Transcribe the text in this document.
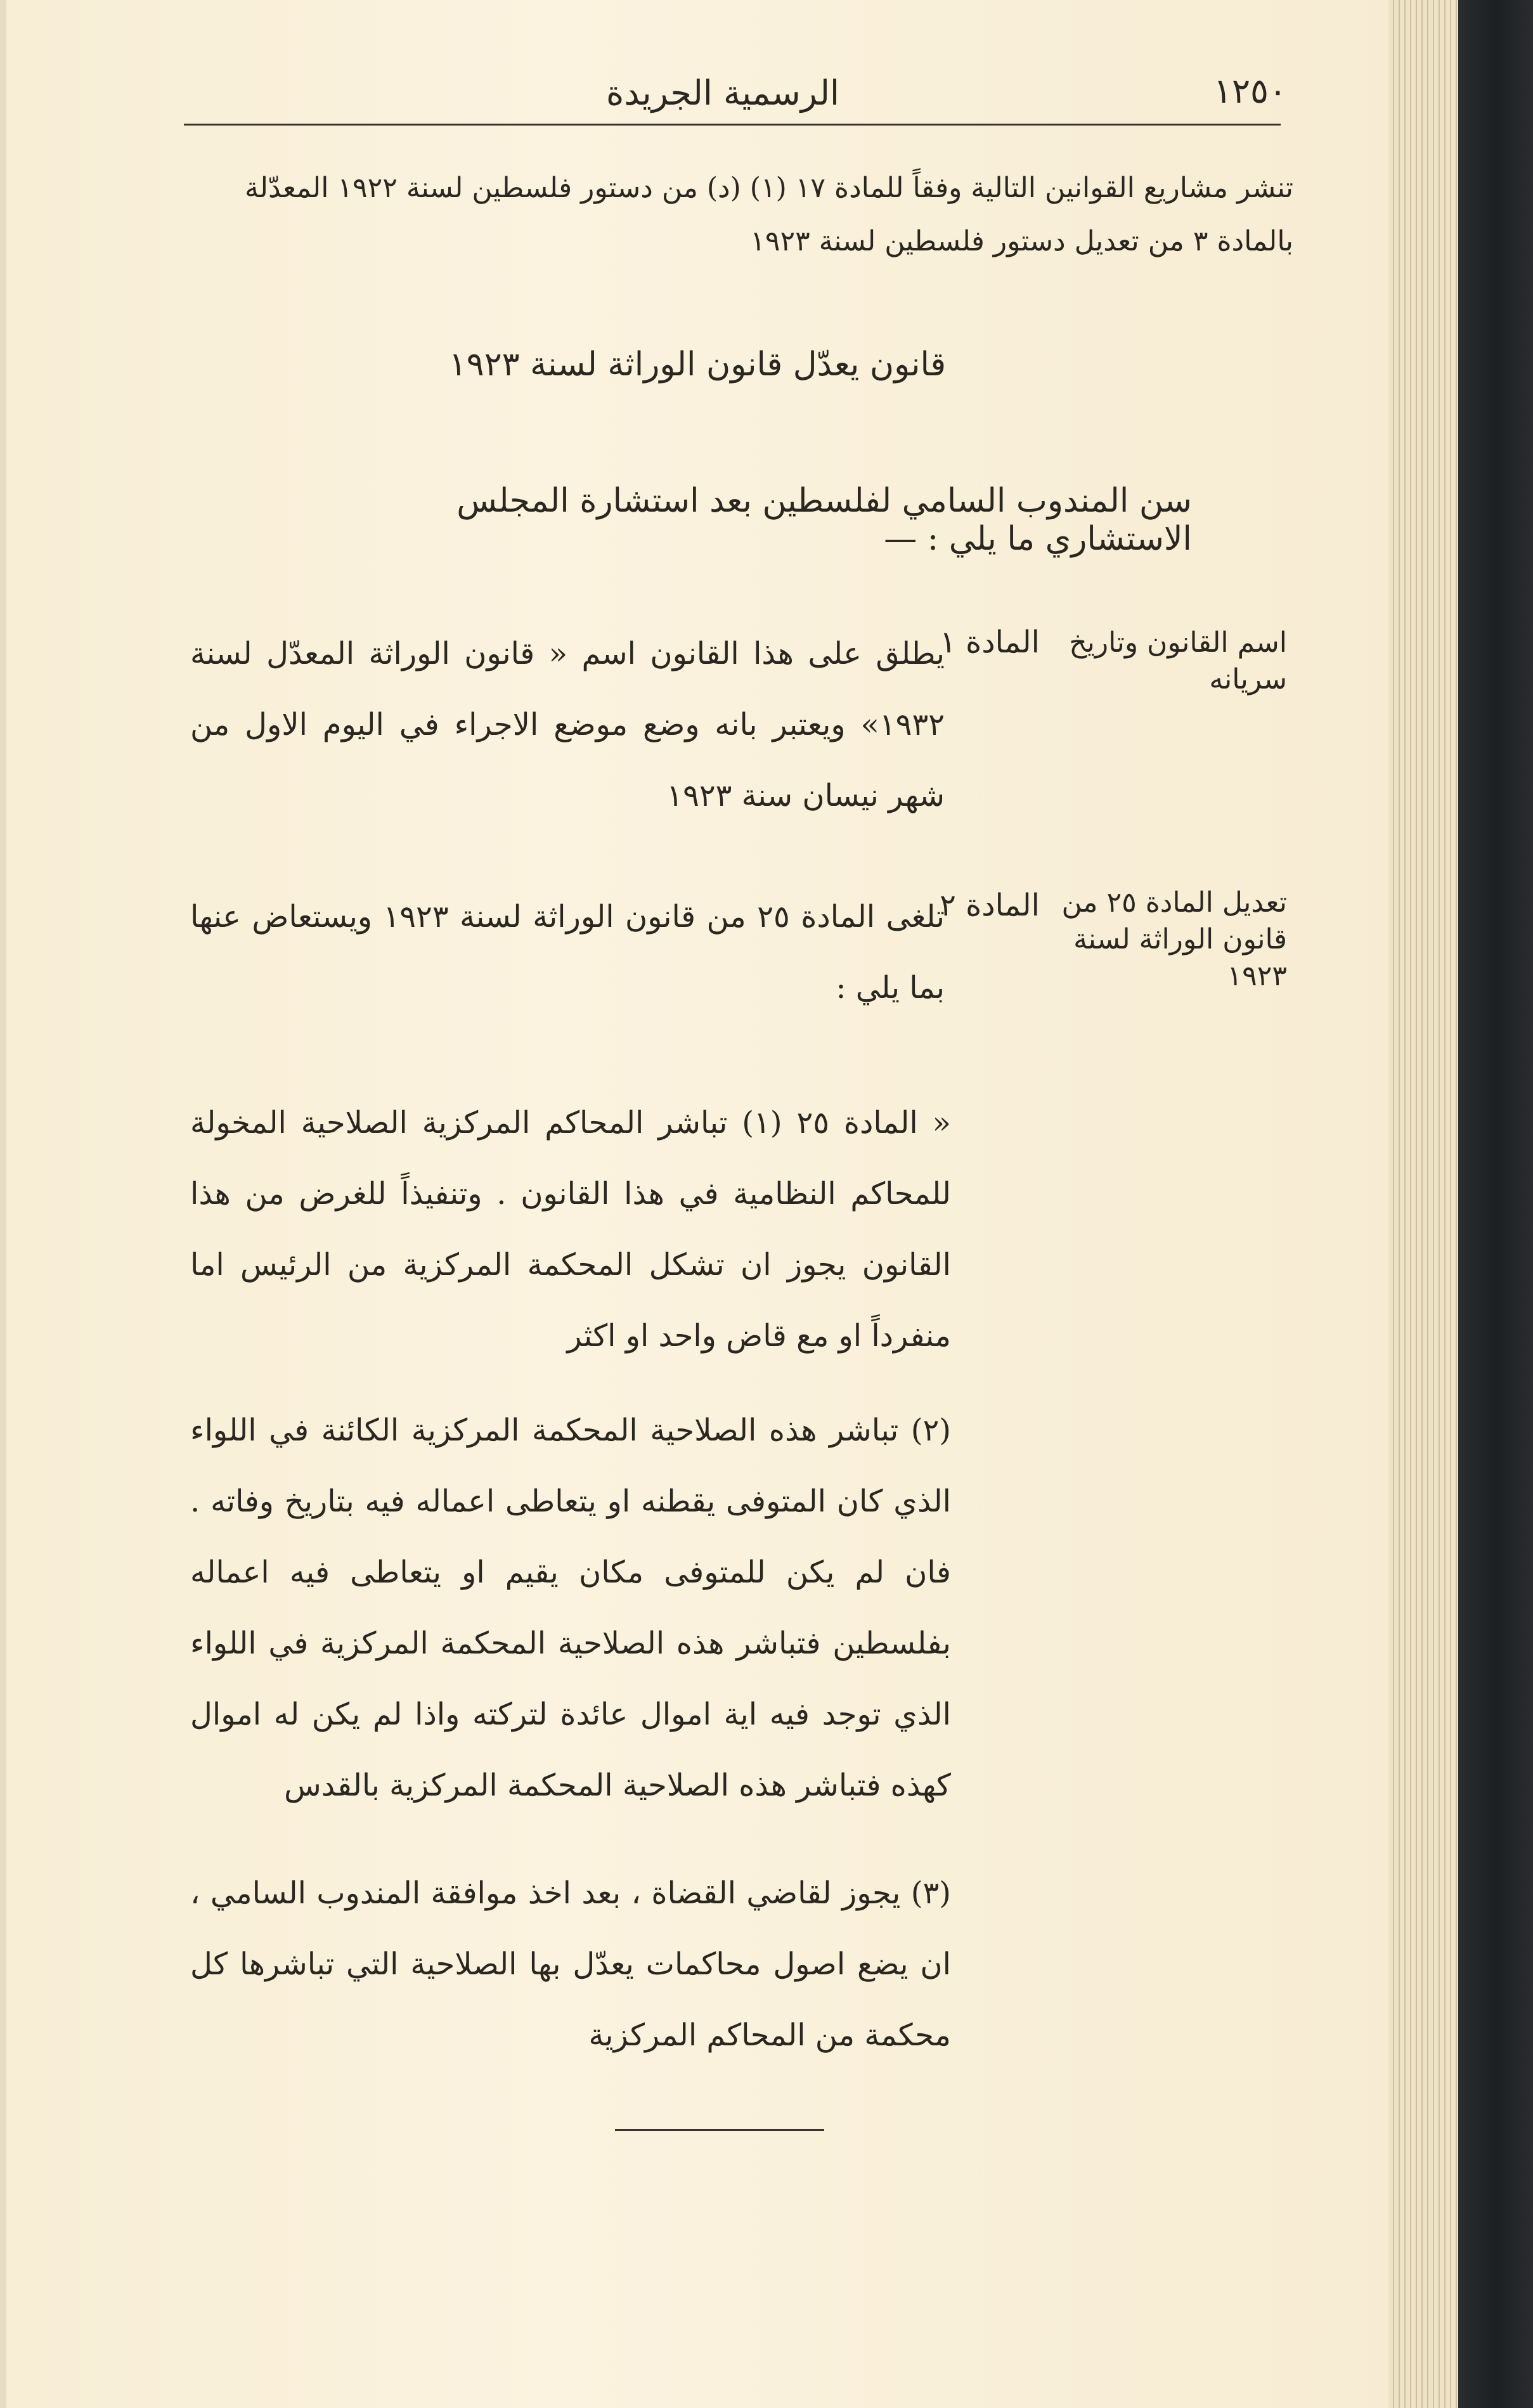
١٢٥٠
الرسمية الجريدة
تنشر مشاريع القوانين التالية وفقاً للمادة ١٧ (١) (د) من دستور فلسطين لسنة ١٩٢٢ المعدّلة بالمادة ٣ من تعديل دستور فلسطين لسنة ١٩٢٣
قانون يعدّل قانون الوراثة لسنة ١٩٢٣
سن المندوب السامي لفلسطين بعد استشارة المجلس الاستشاري ما يلي : —
اسم القانون وتاريخ سريانه
المادة ١
يطلق على هذا القانون اسم « قانون الوراثة المعدّل لسنة ١٩٣٢» ويعتبر بانه وضع موضع الاجراء في اليوم الاول من شهر نيسان سنة ١٩٢٣
تعديل المادة ٢٥ من قانون الوراثة لسنة ١٩٢٣
المادة ٢
تلغى المادة ٢٥ من قانون الوراثة لسنة ١٩٢٣ ويستعاض عنها بما يلي :
« المادة ٢٥ (١) تباشر المحاكم المركزية الصلاحية المخولة للمحاكم النظامية في هذا القانون . وتنفيذاً للغرض من هذا القانون يجوز ان تشكل المحكمة المركزية من الرئيس اما منفرداً او مع قاض واحد او اكثر
(٢) تباشر هذه الصلاحية المحكمة المركزية الكائنة في اللواء الذي كان المتوفى يقطنه او يتعاطى اعماله فيه بتاريخ وفاته . فان لم يكن للمتوفى مكان يقيم او يتعاطى فيه اعماله بفلسطين فتباشر هذه الصلاحية المحكمة المركزية في اللواء الذي توجد فيه اية اموال عائدة لتركته واذا لم يكن له اموال كهذه فتباشر هذه الصلاحية المحكمة المركزية بالقدس
(٣) يجوز لقاضي القضاة ، بعد اخذ موافقة المندوب السامي ، ان يضع اصول محاكمات يعدّل بها الصلاحية التي تباشرها كل محكمة من المحاكم المركزية
